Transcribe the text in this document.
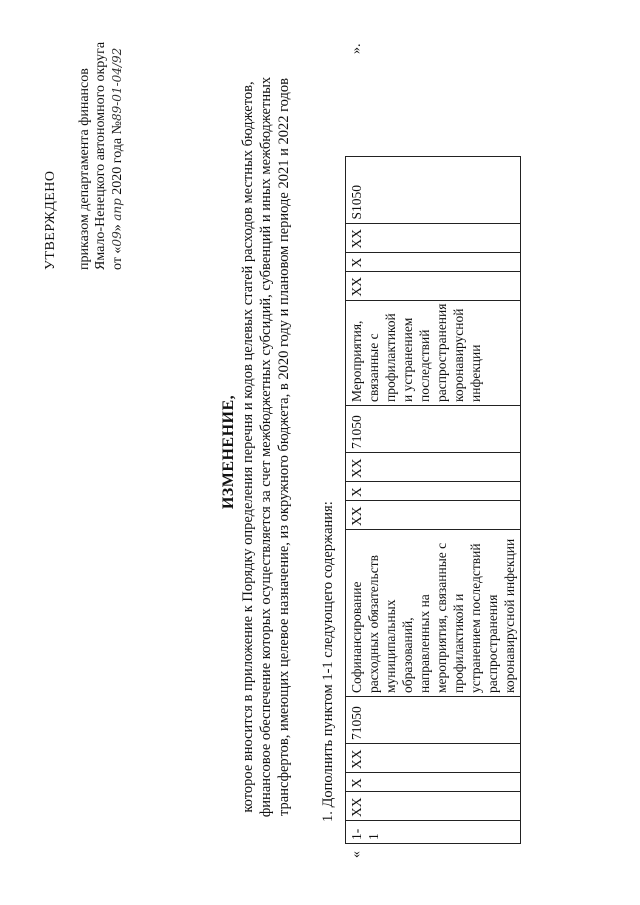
УТВЕРЖДЕНО приказом департамента финансов Ямало-Ненецкого автономного округа от «09» апр 2020 года №89-01-04/92
ИЗМЕНЕНИЕ, которое вносится в приложение к Порядку определения перечня и кодов целевых статей расходов местных бюджетов, финансовое обеспечение которых осуществляется за счет межбюджетных субсидий, субвенций и иных межбюджетных трансфертов, имеющих целевое назначение, из окружного бюджета, в 2020 году и плановом периоде 2021 и 2022 годов 1. Дополнить пунктом 1-1 следующего содержания:
«
».
1-1	ХХ	Х	ХХ	71050	Софинансирование расходных обязательств муниципальных образований, направленных на мероприятия, связанные с профилактикой и устранением последствий распространения коронавирусной инфекции	ХХ	Х	ХХ	71050	Мероприятия, связанные с профилактикой и устранением последствий распространения коронавирусной инфекции	ХХ	Х	ХХ	S1050
